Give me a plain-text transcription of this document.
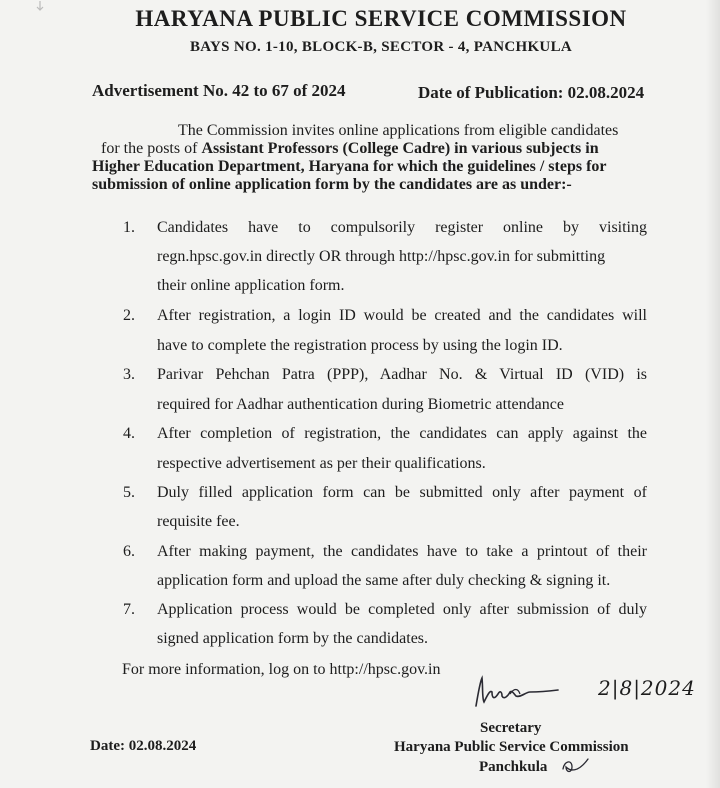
HARYANA PUBLIC SERVICE COMMISSION
BAYS NO. 1-10, BLOCK-B, SECTOR - 4, PANCHKULA
Advertisement No. 42 to 67 of 2024	Date of Publication: 02.08.2024
The Commission invites online applications from eligible candidates
for the posts of Assistant Professors (College Cadre) in various subjects in
Higher Education Department, Haryana for which the guidelines / steps for
submission of online application form by the candidates are as under:-
1. Candidates have to compulsorily register online by visiting
regn.hpsc.gov.in directly OR through http://hpsc.gov.in for submitting
their online application form.
2. After registration, a login ID would be created and the candidates will
have to complete the registration process by using the login ID.
3. Parivar Pehchan Patra (PPP), Aadhar No. & Virtual ID (VID) is
required for Aadhar authentication during Biometric attendance
4. After completion of registration, the candidates can apply against the
respective advertisement as per their qualifications.
5. Duly filled application form can be submitted only after payment of
requisite fee.
6. After making payment, the candidates have to take a printout of their
application form and upload the same after duly checking & signing it.
7. Application process would be completed only after submission of duly
signed application form by the candidates.
For more information, log on to http://hpsc.gov.in
2|8|2024
Secretary
Haryana Public Service Commission
Panchkula
Date: 02.08.2024
